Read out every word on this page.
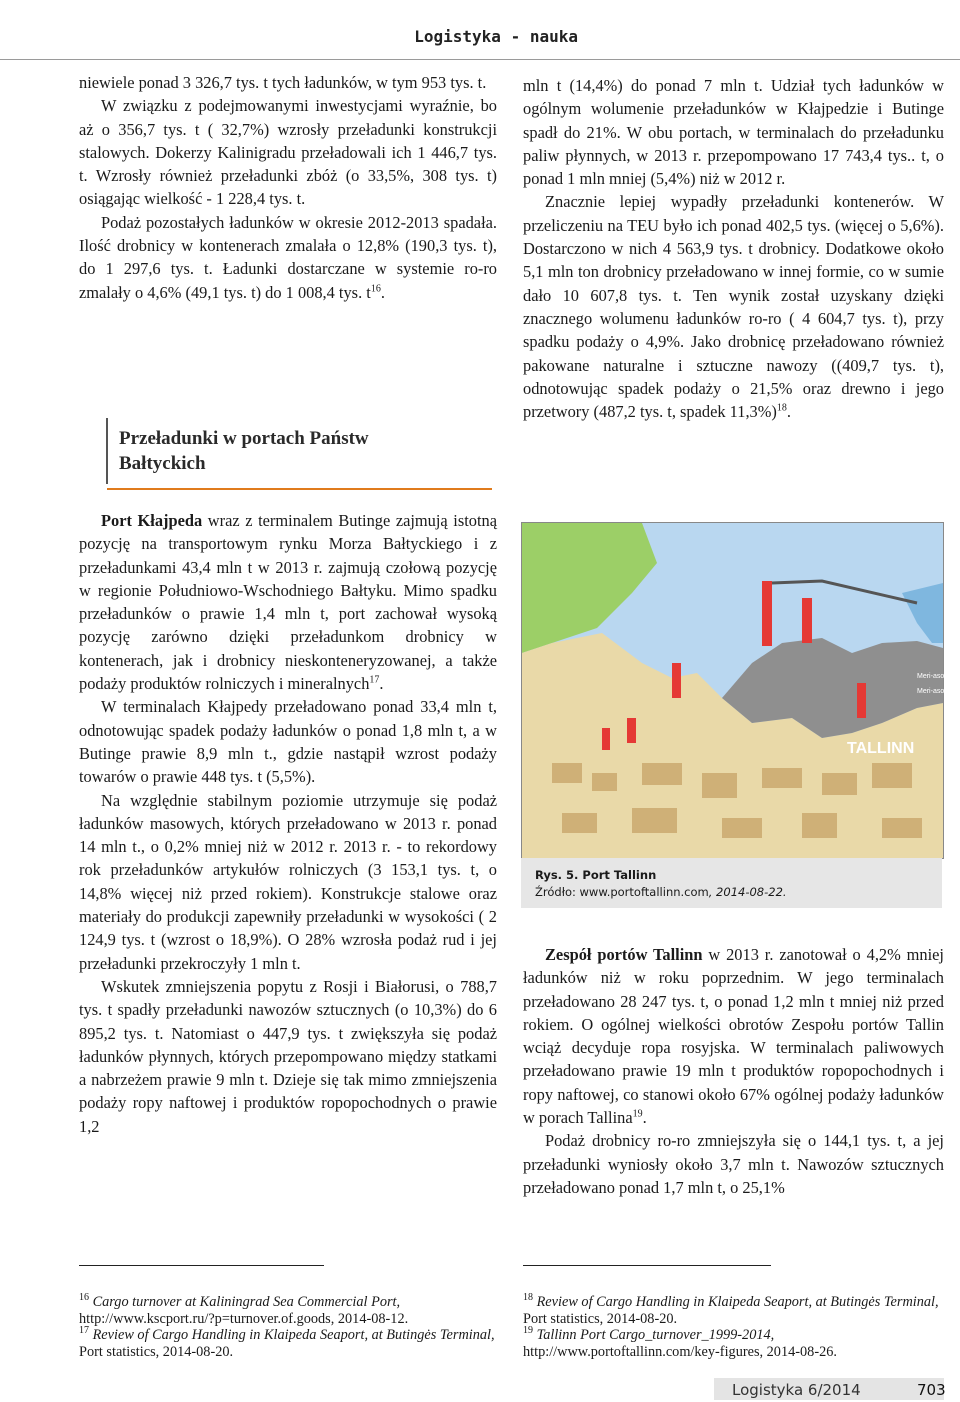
Logistyka - nauka

niewiele ponad 3 326,7 tys. t tych ładunków, w tym 953 tys. t.

W związku z podejmowanymi inwestycjami wyraźnie, bo aż o 356,7 tys. t ( 32,7%) wzrosły przeładunki konstrukcji stalowych. Dokerzy Kalinigradu przeładowali ich 1 446,7 tys. t. Wzrosły również przeładunki zbóż (o 33,5%, 308 tys. t) osiągając wielkość - 1 228,4 tys. t.

Podaż pozostałych ładunków w okresie 2012-2013 spadała. Ilość drobnicy w kontenerach zmalała o 12,8% (190,3 tys. t), do 1 297,6 tys. t. Ładunki dostarczane w systemie ro-ro zmalały o 4,6% (49,1 tys. t) do 1 008,4 tys. $t^{16}$.

Przeładunki w portach Państw Bałtyckich

Port Kłajpeda wraz z terminalem Butinge zajmują istotną pozycję na transportowym rynku Morza Bałtyckiego i z przeładunkami 43,4 mln t w 2013 r. zajmują czołową pozycję w regionie Południowo-Wschodniego Bałtyku. Mimo spadku przeładunków o prawie 1,4 mln t, port zachował wysoką pozycję zarówno dzięki przeładunkom drobnicy w kontenerach, jak i drobnicy nieskonteneryzowanej, a także podaży produktów rolniczych i mineralnych$^{17}$.

W terminalach Kłajpedy przeładowano ponad 33,4 mln t, odnotowując spadek podaży ładunków o ponad 1,8 mln t, a w Butinge prawie 8,9 mln t., gdzie nastąpił wzrost podaży towarów o prawie 448 tys. t (5,5%).

Na względnie stabilnym poziomie utrzymuje się podaż ładunków masowych, których przeładowano w 2013 r. ponad 14 mln t., o 0,2% mniej niż w 2012 r. 2013 r. - to rekordowy rok przeładunków artykułów rolniczych (3 153,1 tys. t, o 14,8% więcej niż przed rokiem). Konstrukcje stalowe oraz materiały do produkcji zapewniły przeładunki w wysokości ( 2 124,9 tys. t (wzrost o 18,9%). O 28% wzrosła podaż rud i jej przeładunki przekroczyły 1 mln t.

Wskutek zmniejszenia popytu z Rosji i Białorusi, o 788,7 tys. t spadły przeładunki nawozów sztucznych (o 10,3%) do 6 895,2 tys. t. Natomiast o 447,9 tys. t zwiększyła się podaż ładunków płynnych, których przepompowano między statkami a nabrzeżem prawie 9 mln t. Dzieje się tak mimo zmniejszenia podaży ropy naftowej i produktów ropopochodnych o prawie 1,2

mln t (14,4%) do ponad 7 mln t. Udział tych ładunków w ogólnym wolumenie przeładunków w Kłajpedzie i Butinge spadł do 21%. W obu portach, w terminalach do przeładunku paliw płynnych, w 2013 r. przepompowano 17 743,4 tys.. t, o ponad 1 mln mniej (5,4%) niż w 2012 r.

Znacznie lepiej wypadły przeładunki kontenerów. W przeliczeniu na TEU było ich ponad 402,5 tys. (więcej o 5,6%). Dostarczono w nich 4 563,9 tys. t drobnicy. Dodatkowe około 5,1 mln ton drobnicy przeładowano w innej formie, co w sumie dało 10 607,8 tys. t. Ten wynik został uzyskany dzięki znacznego wolumenu ładunków ro-ro ( 4 604,7 tys. t), przy spadku podaży o 4,9%. Jako drobnicę przeładowano również pakowane naturalne i sztuczne nawozy ((409,7 tys. t), odnotowując spadek podaży o 21,5% oraz drewno i jego przetwory (487,2 tys. t, spadek 11,3%)$^{18}$.

TALLINN
Meri-asom
Meri-asom
Rys. 5. Port Tallinn
Źródło: www.portoftallinn.com, 2014-08-22.

Zespół portów Tallinn w 2013 r. zanotował o 4,2% mniej ładunków niż w roku poprzednim. W jego terminalach przeładowano 28 247 tys. t, o ponad 1,2 mln t mniej niż przed rokiem. O ogólnej wielkości obrotów Zespołu portów Tallin wciąż decyduje ropa rosyjska. W terminalach paliwowych przeładowano prawie 19 mln t produktów ropopochodnych i ropy naftowej, co stanowi około 67% ogólnej podaży ładunków w porach Tallina$^{19}$.

Podaż drobnicy ro-ro zmniejszyła się o 144,1 tys. t, a jej przeładunki wyniosły około 3,7 mln t. Nawozów sztucznych przeładowano ponad 1,7 mln t, o 25,1%

$^{16}$ Cargo turnover at Kaliningrad Sea Commercial Port, http://www.kscport.ru/?p=turnover.of.goods, 2014-08-12.

$^{17}$ Review of Cargo Handling in Klaipeda Seaport, at Butingės Terminal, Port statistics, 2014-08-20.

$^{18}$ Review of Cargo Handling in Klaipeda Seaport, at Butingės Terminal, Port statistics, 2014-08-20.

$^{19}$ Tallinn Port Cargo_turnover_1999-2014, http://www.portoftallinn.com/key-figures, 2014-08-26.

Logistyka 6/2014	703
